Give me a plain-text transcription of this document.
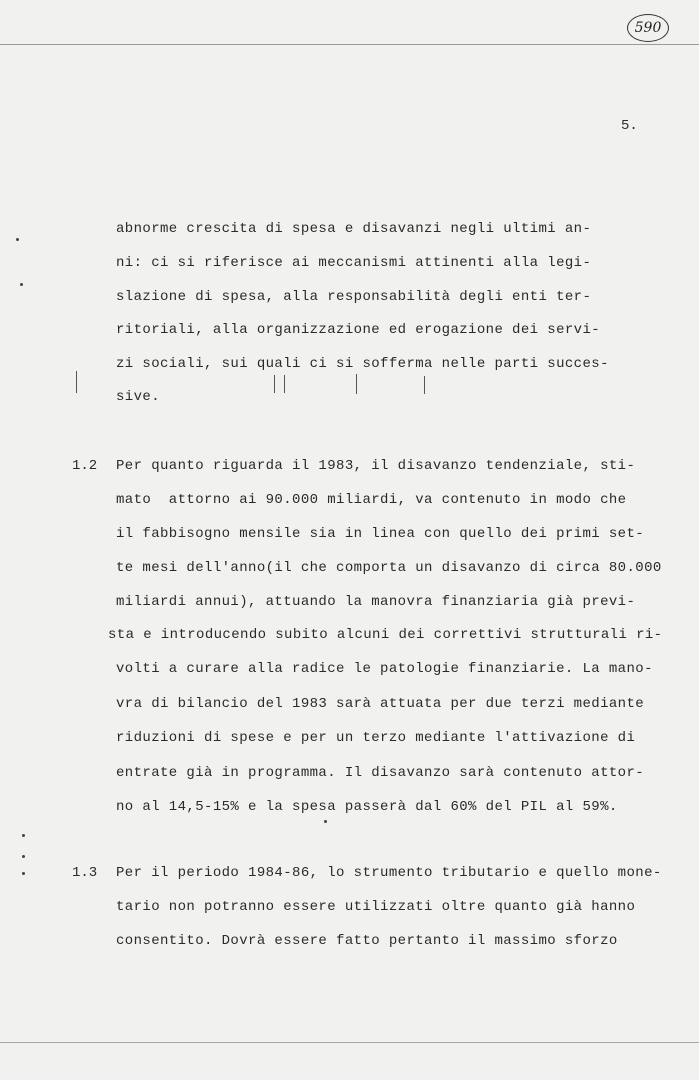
590
5.
abnorme crescita di spesa e disavanzi negli ultimi an-
ni: ci si riferisce ai meccanismi attinenti alla legi-
slazione di spesa, alla responsabilità degli enti ter-
ritoriali, alla organizzazione ed erogazione dei servi-
zi sociali, sui quali ci si sofferma nelle parti succes-
sive.
1.2 Per quanto riguarda il 1983, il disavanzo tendenziale, sti-
mato  attorno ai 90.000 miliardi, va contenuto in modo che
il fabbisogno mensile sia in linea con quello dei primi set-
te mesi dell'anno(il che comporta un disavanzo di circa 80.000
miliardi annui), attuando la manovra finanziaria già previ-
sta e introducendo subito alcuni dei correttivi strutturali ri-
volti a curare alla radice le patologie finanziarie. La mano-
vra di bilancio del 1983 sarà attuata per due terzi mediante
riduzioni di spese e per un terzo mediante l'attivazione di
entrate già in programma. Il disavanzo sarà contenuto attor-
no al 14,5-15% e la spesa passerà dal 60% del PIL al 59%.
1.3 Per il periodo 1984-86, lo strumento tributario e quello mone-
tario non potranno essere utilizzati oltre quanto già hanno
consentito. Dovrà essere fatto pertanto il massimo sforzo
